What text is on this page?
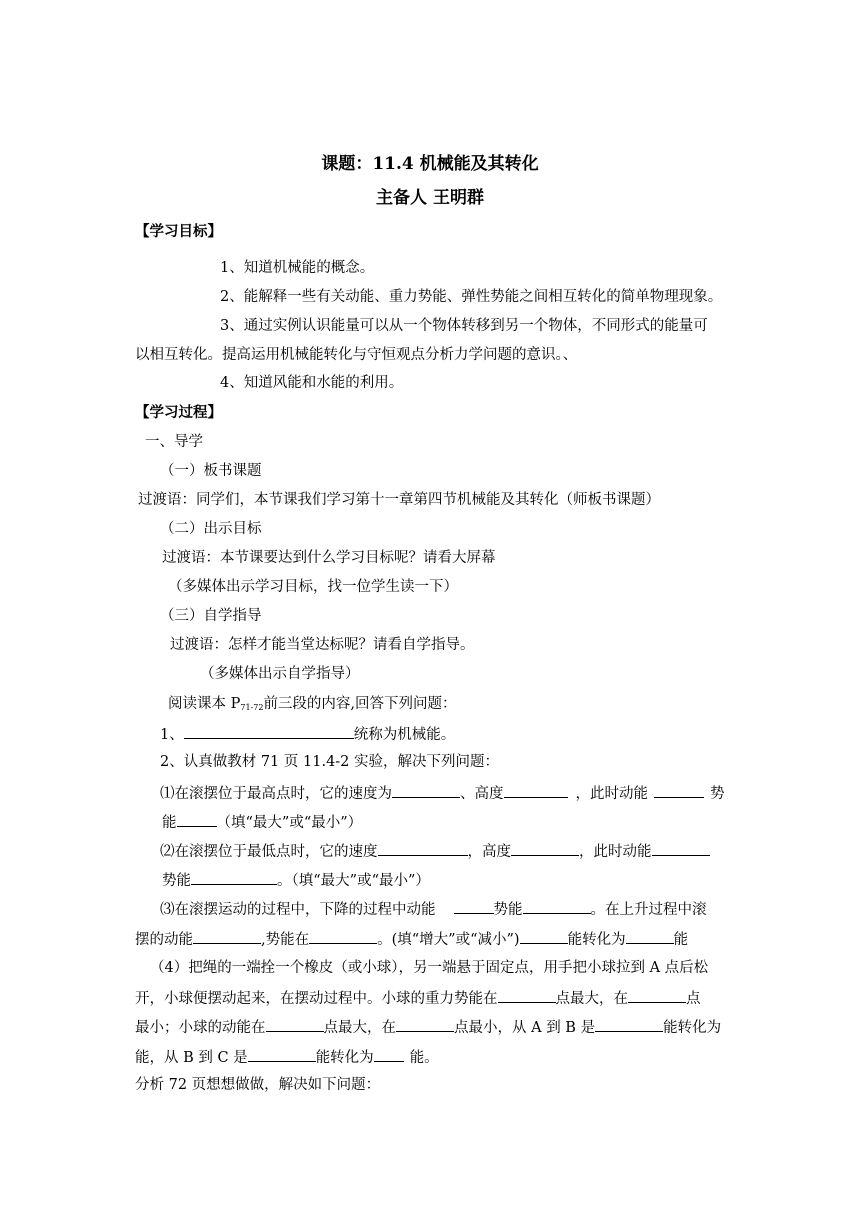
课题：11.4 机械能及其转化
主备人 王明群
【学习目标】
1、知道机械能的概念。
2、能解释一些有关动能、重力势能、弹性势能之间相互转化的简单物理现象。
3、通过实例认识能量可以从一个物体转移到另一个物体，不同形式的能量可
以相互转化。提高运用机械能转化与守恒观点分析力学问题的意识。、
4、知道风能和水能的利用。
【学习过程】
一、导学
（一）板书课题
过渡语：同学们，本节课我们学习第十一章第四节机械能及其转化（师板书课题）
（二）出示目标
过渡语：本节课要达到什么学习目标呢？请看大屏幕
（多媒体出示学习目标，找一位学生读一下）
（三）自学指导
过渡语：怎样才能当堂达标呢？请看自学指导。
（多媒体出示自学指导）
阅读课本 $P_{71-72}$前三段的内容,回答下列问题：
1、	统称为机械能。
2、认真做教材 71 页 11.4-2 实验，解决下列问题：
⑴在滚摆位于最高点时，它的速度为	、高度	，此时动能	势
能	（填“最大”或“最小”）
⑵在滚摆位于最低点时，它的速度	，高度	，此时动能
势能	。（填“最大”或“最小”）
⑶在滚摆运动的过程中，下降的过程中动能	势能	。在上升过程中滚
摆的动能	,势能在	。(填“增大”或“减小”)	能转化为	能
（4）把绳的一端拴一个橡皮（或小球），另一端悬于固定点，用手把小球拉到 A 点后松
开，小球便摆动起来，在摆动过程中。小球的重力势能在	点最大，在	点
最小；小球的动能在	点最大，在	点最小，从 A 到 B 是	能转化为
能，从 B 到 C 是	能转化为 能。
分析 72 页想想做做，解决如下问题：
